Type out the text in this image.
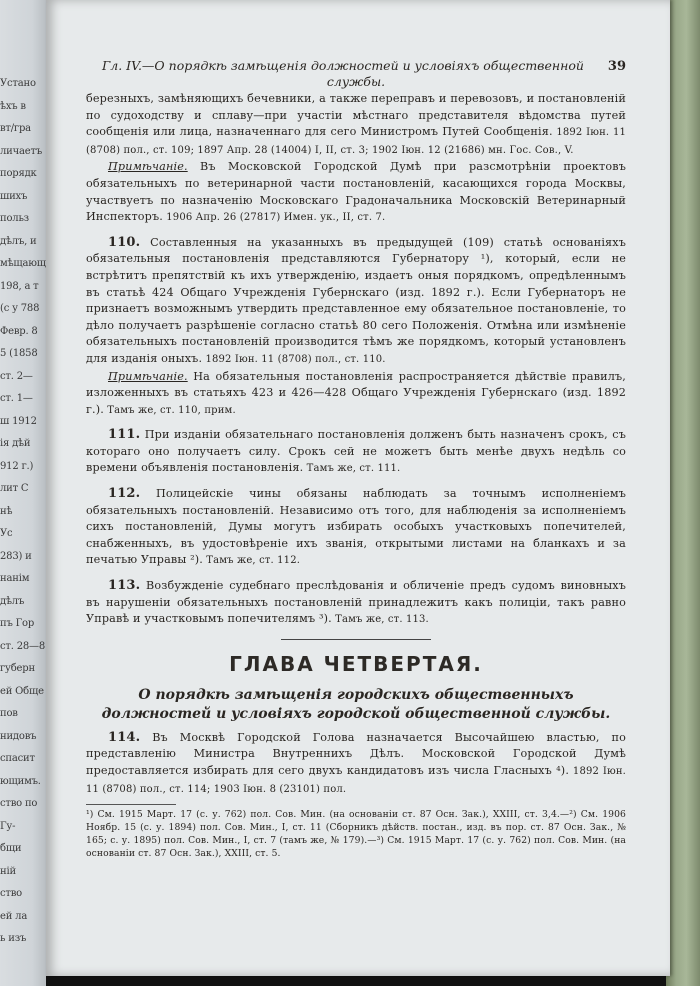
Устано
ѣхъ в
вт/гра
личаетъ
порядк
шихъ
польз
дѣлъ, и
мѣщающ
198, а т
(с у 788
Февр. 8
5 (1858
ст. 2—
ст. 1—
ш 1912
ія дѣй
912 г.)
лит С
нѣ
Ус
283) и
нанім
дѣлъ
пъ Гор
ст. 28—8
губерн
ей Обще
пов
нидовъ
спасит
ющимъ.
ство по
Гу-
бщи
ній
ство
ей ла
ь изъ
Гл. IV.—О порядкѣ замѣщенія должностей и условіяхъ общественной	39
службы.

березныхъ, замѣняющихъ бечевники, а также переправъ и перевозовъ, и постановленій по судоходству и сплаву—при участіи мѣстнаго представителя вѣдомства путей сообщенія или лица, назначеннаго для сего Министромъ Путей Сообщенія. 1892 Іюн. 11 (8708) пол., ст. 109; 1897 Апр. 28 (14004) I, II, ст. 3; 1902 Іюн. 12 (21686) мн. Гос. Сов., V.

Примѣчаніе. Въ Московской Городской Думѣ при разсмотрѣніи проектовъ обязательныхъ по ветеринарной части постановленій, касающихся города Москвы, участвуетъ по назначенію Московскаго Градоначальника Московскій Ветеринарный Инспекторъ. 1906 Апр. 26 (27817) Имен. ук., II, ст. 7.

110. Составленныя на указанныхъ въ предыдущей (109) статьѣ основаніяхъ обязательныя постановленія представляются Губернатору ¹), который, если не встрѣтитъ препятствій къ ихъ утвержденію, издаетъ оныя порядкомъ, опредѣленнымъ въ статьѣ 424 Общаго Учрежденія Губернскаго (изд. 1892 г.). Если Губернаторъ не признаетъ возможнымъ утвердить представленное ему обязательное постановленіе, то дѣло получаетъ разрѣшеніе согласно статьѣ 80 сего Положенія. Отмѣна или измѣненіе обязательныхъ постановленій производится тѣмъ же порядкомъ, который установленъ для изданія оныхъ. 1892 Іюн. 11 (8708) пол., ст. 110.

Примѣчаніе. На обязательныя постановленія распространяется дѣйствіе правилъ, изложенныхъ въ статьяхъ 423 и 426—428 Общаго Учрежденія Губернскаго (изд. 1892 г.). Тамъ же, ст. 110, прим.

111. При изданіи обязательнаго постановленія долженъ быть назначенъ срокъ, съ котораго оно получаетъ силу. Срокъ сей не можетъ быть менѣе двухъ недѣль со времени объявленія постановленія. Тамъ же, ст. 111.

112. Полицейскіе чины обязаны наблюдать за точнымъ исполненіемъ обязательныхъ постановленій. Независимо отъ того, для наблюденія за исполненіемъ сихъ постановленій, Думы могутъ избирать особыхъ участковыхъ попечителей, снабженныхъ, въ удостовѣреніе ихъ званія, открытыми листами на бланкахъ и за печатью Управы ²). Тамъ же, ст. 112.

113. Возбужденіе судебнаго преслѣдованія и обличеніе предъ судомъ виновныхъ въ нарушеніи обязательныхъ постановленій принадлежитъ какъ полиціи, такъ равно Управѣ и участковымъ попечителямъ ³). Тамъ же, ст. 113.

ГЛАВА ЧЕТВЕРТАЯ.
О порядкѣ замѣщенія городскихъ общественныхъ должностей и условіяхъ городской общественной службы.

114. Въ Москвѣ Городской Голова назначается Высочайшею властью, по представленію Министра Внутреннихъ Дѣлъ. Московской Городской Думѣ предоставляется избирать для сего двухъ кандидатовъ изъ числа Гласныхъ ⁴). 1892 Іюн. 11 (8708) пол., ст. 114; 1903 Іюн. 8 (23101) пол.

¹) См. 1915 Март. 17 (с. у. 762) пол. Сов. Мин. (на основаніи ст. 87 Осн. Зак.), XXIII, ст. 3,4.—²) См. 1906 Ноябр. 15 (с. у. 1894) пол. Сов. Мин., I, ст. 11 (Сборникъ дѣйств. постан., изд. въ пор. ст. 87 Осн. Зак., № 165; с. у. 1895) пол. Сов. Мин., I, ст. 7 (тамъ же, № 179).—³) См. 1915 Март. 17 (с. у. 762) пол. Сов. Мин. (на основаніи ст. 87 Осн. Зак.), XXIII, ст. 5.
